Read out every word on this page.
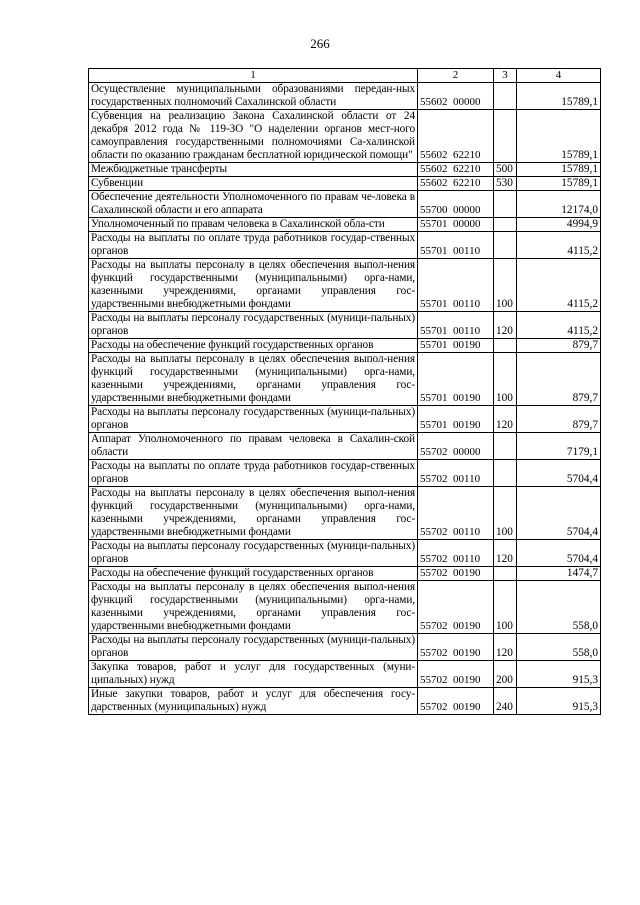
266
1	2	3	4
Осуществление муниципальными образованиями передан-ных государственных полномочий Сахалинской области	55602  00000		15789,1
Субвенция на реализацию Закона Сахалинской области от 24 декабря 2012 года № 119-ЗО "О наделении органов мест-ного самоуправления государственными полномочиями Са-халинской области по оказанию гражданам бесплатной юридической помощи"	55602  62210		15789,1
Межбюджетные трансферты	55602  62210	500	15789,1
Субвенции	55602  62210	530	15789,1
Обеспечение деятельности Уполномоченного по правам че-ловека в Сахалинской области и его аппарата	55700  00000		12174,0
Уполномоченный по правам человека в Сахалинской обла-сти	55701  00000		4994,9
Расходы на выплаты по оплате труда работников государ-ственных органов	55701  00110		4115,2
Расходы на выплаты персоналу в целях обеспечения выпол-нения функций государственными (муниципальными) орга-нами, казенными учреждениями, органами управления гос-ударственными внебюджетными фондами	55701  00110	100	4115,2
Расходы на выплаты персоналу государственных (муници-пальных) органов	55701  00110	120	4115,2
Расходы на обеспечение функций государственных органов	55701  00190		879,7
Расходы на выплаты персоналу в целях обеспечения выпол-нения функций государственными (муниципальными) орга-нами, казенными учреждениями, органами управления гос-ударственными внебюджетными фондами	55701  00190	100	879,7
Расходы на выплаты персоналу государственных (муници-пальных) органов	55701  00190	120	879,7
Аппарат Уполномоченного по правам человека в Сахалин-ской области	55702  00000		7179,1
Расходы на выплаты по оплате труда работников государ-ственных органов	55702  00110		5704,4
Расходы на выплаты персоналу в целях обеспечения выпол-нения функций государственными (муниципальными) орга-нами, казенными учреждениями, органами управления гос-ударственными внебюджетными фондами	55702  00110	100	5704,4
Расходы на выплаты персоналу государственных (муници-пальных) органов	55702  00110	120	5704,4
Расходы на обеспечение функций государственных органов	55702  00190		1474,7
Расходы на выплаты персоналу в целях обеспечения выпол-нения функций государственными (муниципальными) орга-нами, казенными учреждениями, органами управления гос-ударственными внебюджетными фондами	55702  00190	100	558,0
Расходы на выплаты персоналу государственных (муници-пальных) органов	55702  00190	120	558,0
Закупка товаров, работ и услуг для государственных (муни-ципальных) нужд	55702  00190	200	915,3
Иные закупки товаров, работ и услуг для обеспечения госу-дарственных (муниципальных) нужд	55702  00190	240	915,3
